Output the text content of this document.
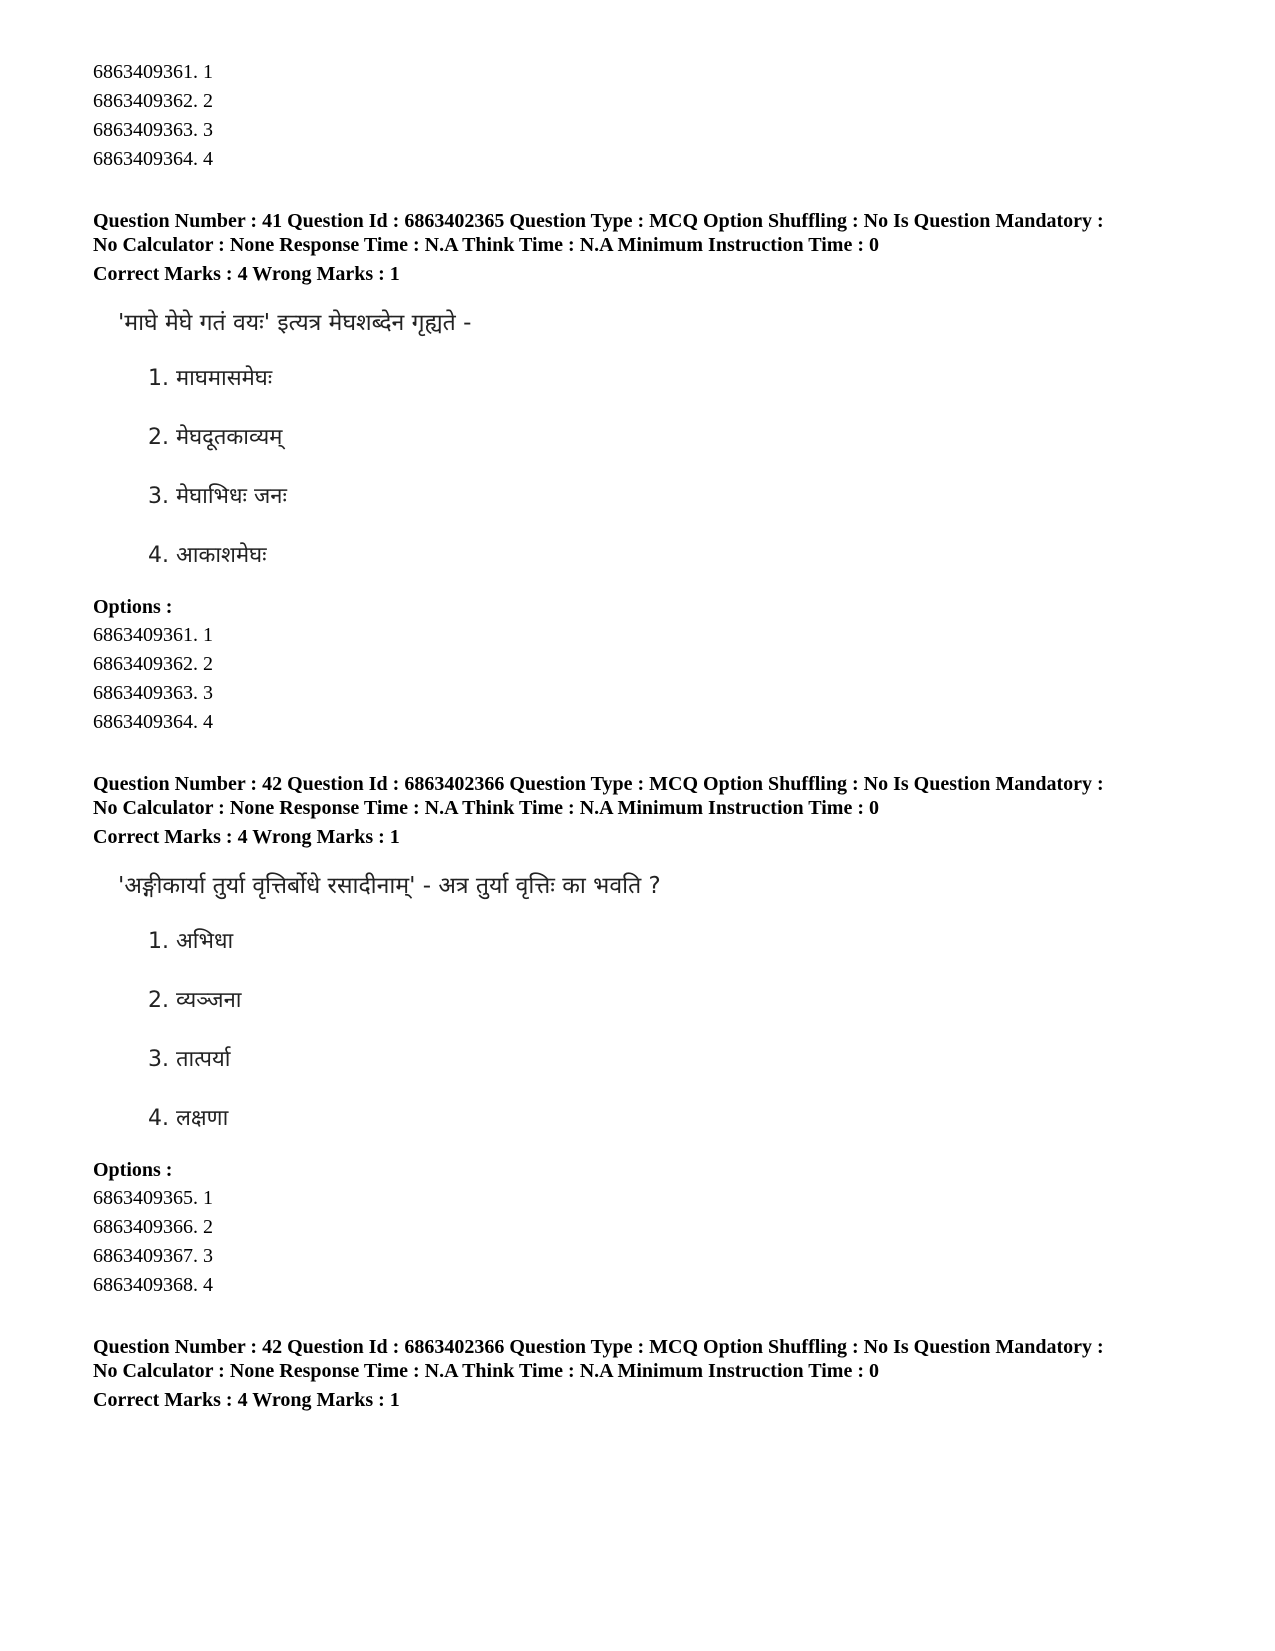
6863409361. 1
6863409362. 2
6863409363. 3
6863409364. 4
Question Number : 41 Question Id : 6863402365 Question Type : MCQ Option Shuffling : No Is Question Mandatory :
No Calculator : None Response Time : N.A Think Time : N.A Minimum Instruction Time : 0
Correct Marks : 4 Wrong Marks : 1
'माघे मेघे गतं वयः' इत्यत्र मेघशब्देन गृह्यते -
1. माघमासमेघः
2. मेघदूतकाव्यम्
3. मेघाभिधः जनः
4. आकाशमेघः
Options :
6863409361. 1
6863409362. 2
6863409363. 3
6863409364. 4
Question Number : 42 Question Id : 6863402366 Question Type : MCQ Option Shuffling : No Is Question Mandatory :
No Calculator : None Response Time : N.A Think Time : N.A Minimum Instruction Time : 0
Correct Marks : 4 Wrong Marks : 1
'अङ्गीकार्या तुर्या वृत्तिर्बोधे रसादीनाम्' - अत्र तुर्या वृत्तिः का भवति ?
1. अभिधा
2. व्यञ्जना
3. तात्पर्या
4. लक्षणा
Options :
6863409365. 1
6863409366. 2
6863409367. 3
6863409368. 4
Question Number : 42 Question Id : 6863402366 Question Type : MCQ Option Shuffling : No Is Question Mandatory :
No Calculator : None Response Time : N.A Think Time : N.A Minimum Instruction Time : 0
Correct Marks : 4 Wrong Marks : 1
